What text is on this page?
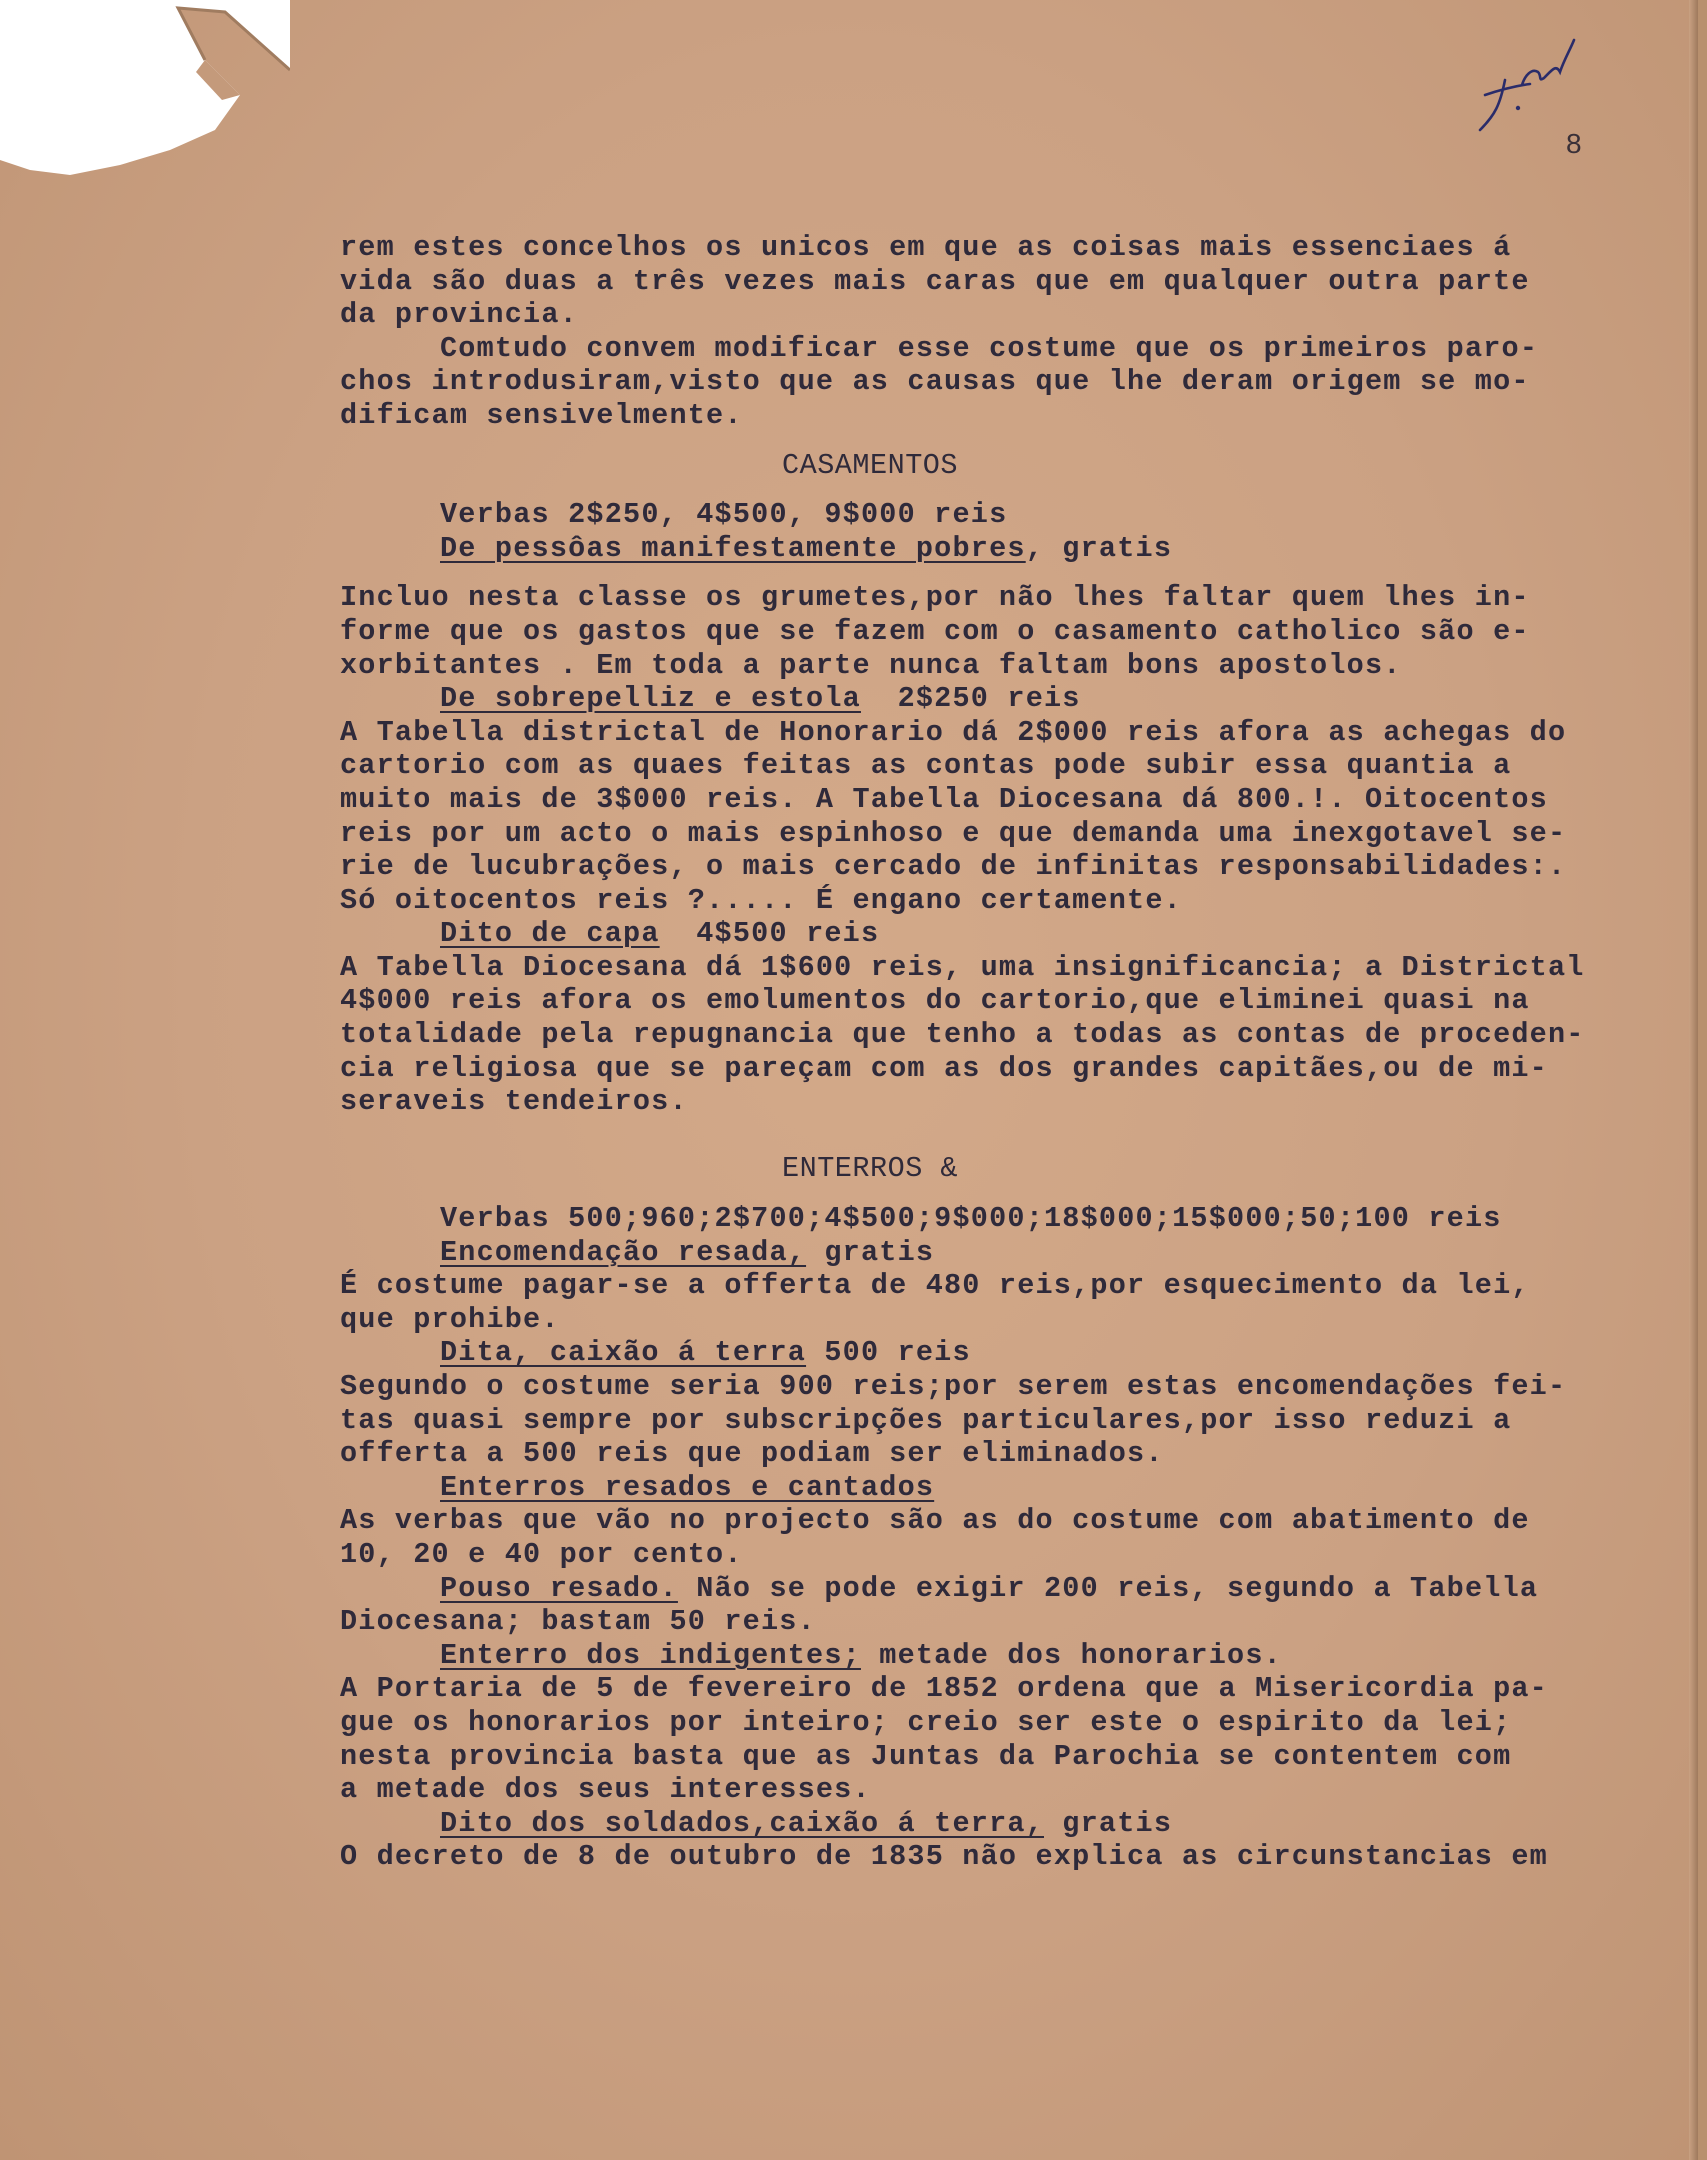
8
rem estes concelhos os unicos em que as coisas mais essenciaes á
vida são duas a três vezes mais caras que em qualquer outra parte
da provincia.
Comtudo convem modificar esse costume que os primeiros paro-
chos introdusiram,visto que as causas que lhe deram origem se mo-
dificam sensivelmente.
CASAMENTOS
Verbas 2$250, 4$500, 9$000 reis
De pessôas manifestamente pobres, gratis
Incluo nesta classe os grumetes,por não lhes faltar quem lhes in-
forme que os gastos que se fazem com o casamento catholico são e-
xorbitantes . Em toda a parte nunca faltam bons apostolos.
De sobrepelliz e estola  2$250 reis
A Tabella districtal de Honorario dá 2$000 reis afora as achegas do
cartorio com as quaes feitas as contas pode subir essa quantia a
muito mais de 3$000 reis. A Tabella Diocesana dá 800.!. Oitocentos
reis por um acto o mais espinhoso e que demanda uma inexgotavel se-
rie de lucubrações, o mais cercado de infinitas responsabilidades:.
Só oitocentos reis ?..... É engano certamente.
Dito de capa  4$500 reis
A Tabella Diocesana dá 1$600 reis, uma insignificancia; a Districtal
4$000 reis afora os emolumentos do cartorio,que eliminei quasi na
totalidade pela repugnancia que tenho a todas as contas de proceden-
cia religiosa que se pareçam com as dos grandes capitães,ou de mi-
seraveis tendeiros.
ENTERROS &
Verbas 500;960;2$700;4$500;9$000;18$000;15$000;50;100 reis
Encomendação resada, gratis
É costume pagar-se a offerta de 480 reis,por esquecimento da lei,
que prohibe.
Dita, caixão á terra 500 reis
Segundo o costume seria 900 reis;por serem estas encomendações fei-
tas quasi sempre por subscripções particulares,por isso reduzi a
offerta a 500 reis que podiam ser eliminados.
Enterros resados e cantados
As verbas que vão no projecto são as do costume com abatimento de
10, 20 e 40 por cento.
Pouso resado. Não se pode exigir 200 reis, segundo a Tabella
Diocesana; bastam 50 reis.
Enterro dos indigentes; metade dos honorarios.
A Portaria de 5 de fevereiro de 1852 ordena que a Misericordia pa-
gue os honorarios por inteiro; creio ser este o espirito da lei;
nesta provincia basta que as Juntas da Parochia se contentem com
a metade dos seus interesses.
Dito dos soldados,caixão á terra, gratis
O decreto de 8 de outubro de 1835 não explica as circunstancias em
